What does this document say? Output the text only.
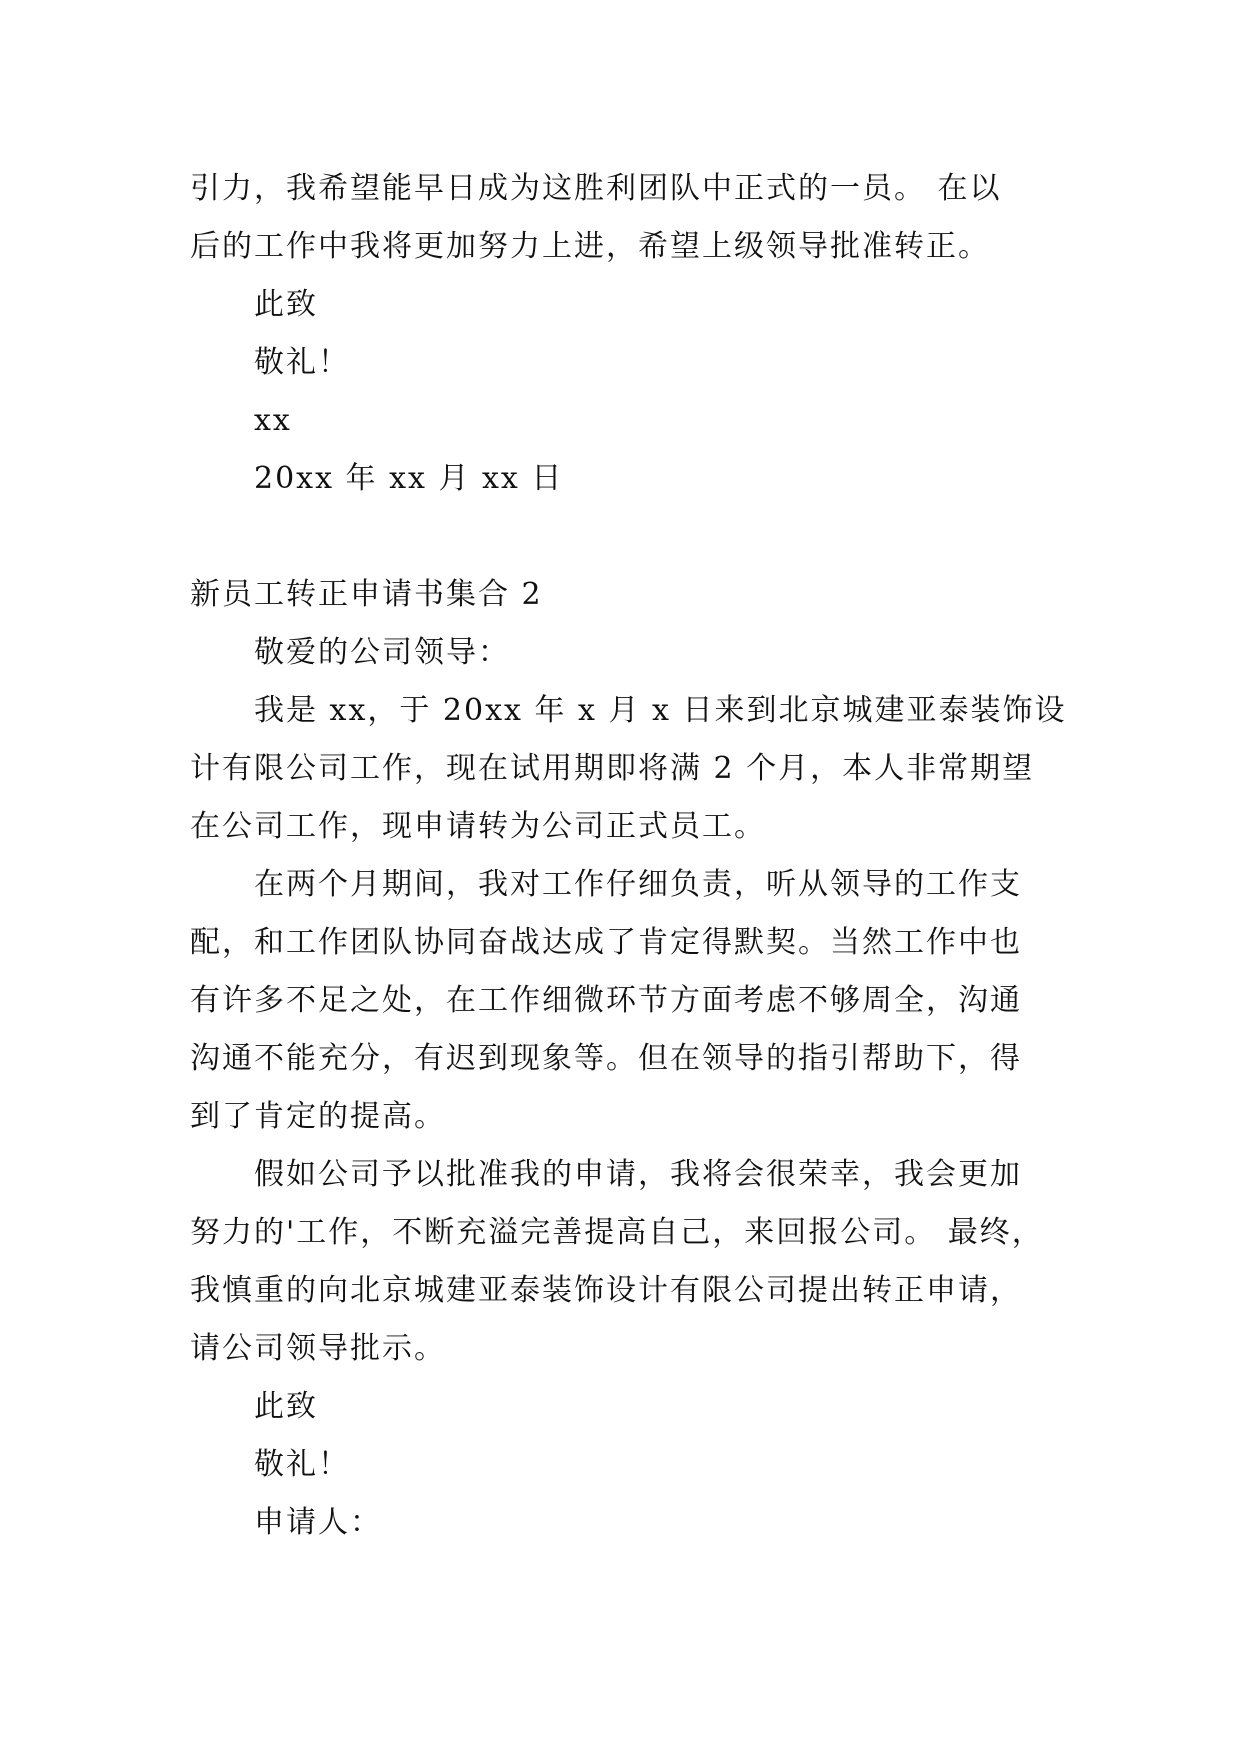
引力，我希望能早日成为这胜利团队中正式的一员。 在以
后的工作中我将更加努力上进，希望上级领导批准转正。
此致
敬礼！
xx
20xx 年 xx 月 xx 日
新员工转正申请书集合 2
敬爱的公司领导：
我是 xx，于 20xx 年 x 月 x 日来到北京城建亚泰装饰设
计有限公司工作，现在试用期即将满 2 个月，本人非常期望
在公司工作，现申请转为公司正式员工。
在两个月期间，我对工作仔细负责，听从领导的工作支
配，和工作团队协同奋战达成了肯定得默契。当然工作中也
有许多不足之处，在工作细微环节方面考虑不够周全，沟通
沟通不能充分，有迟到现象等。但在领导的指引帮助下，得
到了肯定的提高。
假如公司予以批准我的申请，我将会很荣幸，我会更加
努力的'工作，不断充溢完善提高自己，来回报公司。 最终，
我慎重的向北京城建亚泰装饰设计有限公司提出转正申请，
请公司领导批示。
此致
敬礼！
申请人：
